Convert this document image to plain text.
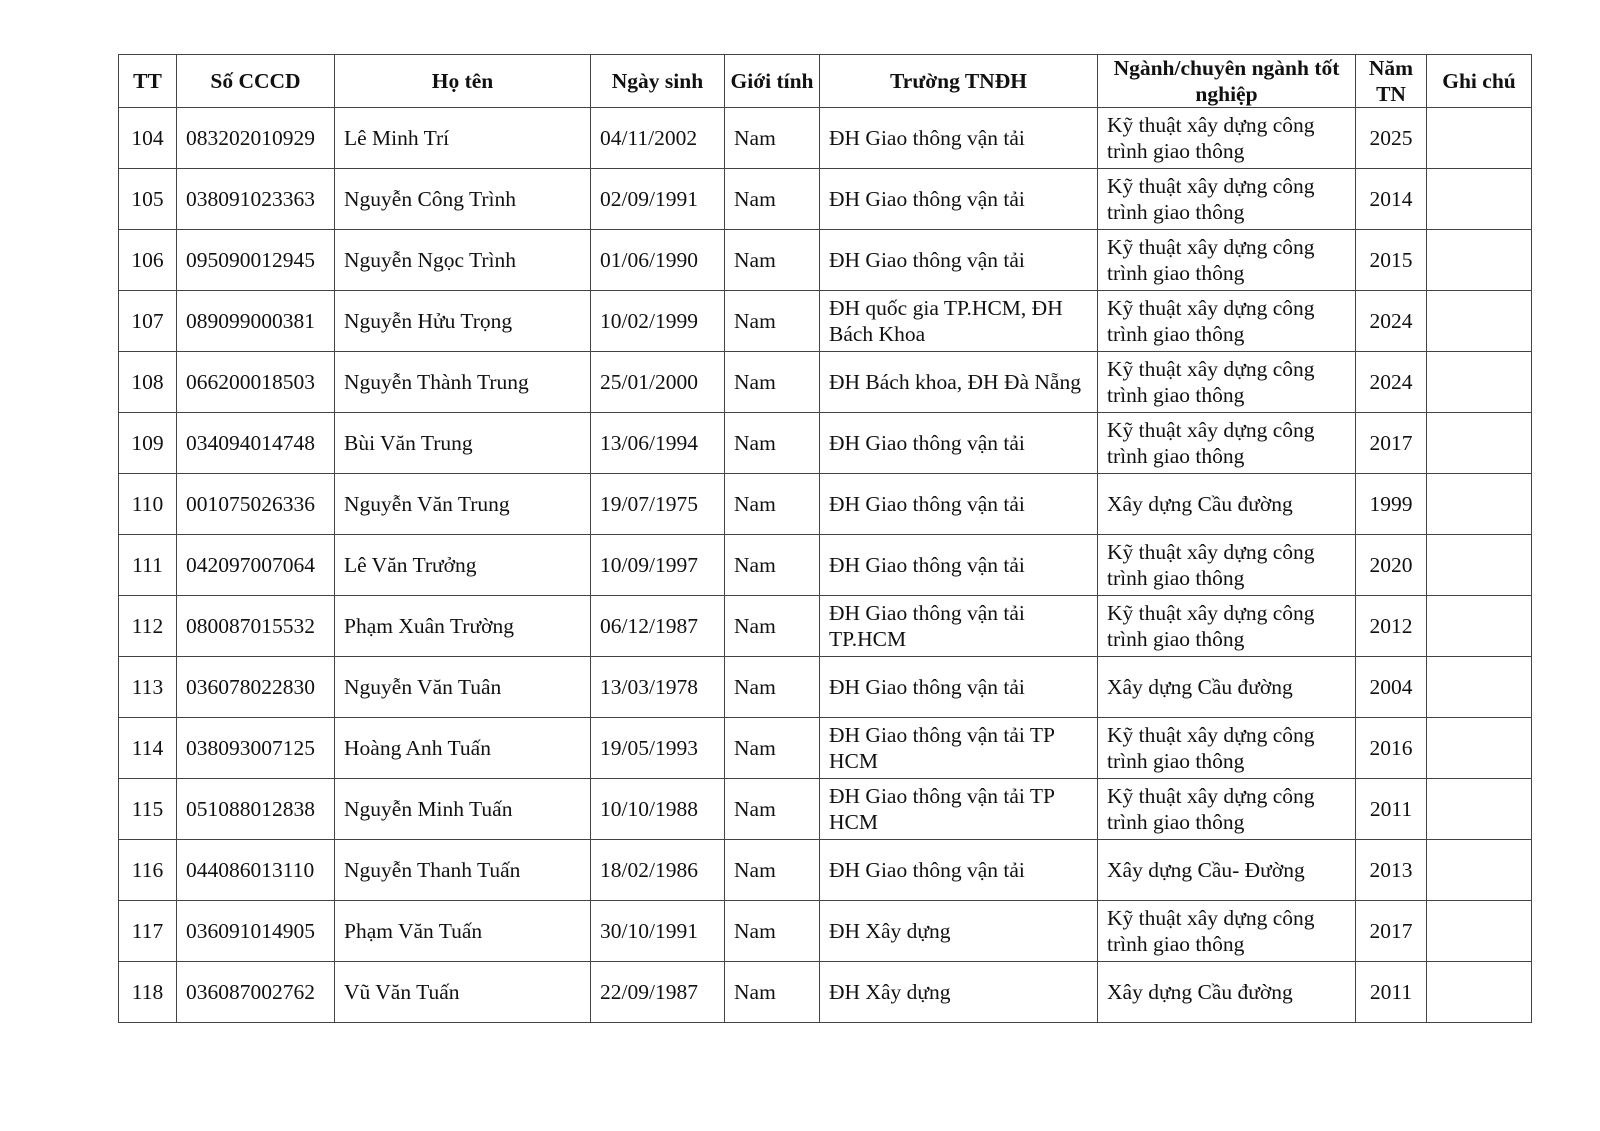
TT	Số CCCD	Họ tên	Ngày sinh	Giới tính	Trường TNĐH	Ngành/chuyên ngành tốt nghiệp	Năm TN	Ghi chú
104	083202010929	Lê Minh Trí	04/11/2002	Nam	ĐH Giao thông vận tải	Kỹ thuật xây dựng công trình giao thông	2025	
105	038091023363	Nguyễn Công Trình	02/09/1991	Nam	ĐH Giao thông vận tải	Kỹ thuật xây dựng công trình giao thông	2014	
106	095090012945	Nguyễn Ngọc Trình	01/06/1990	Nam	ĐH Giao thông vận tải	Kỹ thuật xây dựng công trình giao thông	2015	
107	089099000381	Nguyễn Hửu Trọng	10/02/1999	Nam	ĐH quốc gia TP.HCM, ĐH Bách Khoa	Kỹ thuật xây dựng công trình giao thông	2024	
108	066200018503	Nguyễn Thành Trung	25/01/2000	Nam	ĐH Bách khoa, ĐH Đà Nẵng	Kỹ thuật xây dựng công trình giao thông	2024	
109	034094014748	Bùi Văn Trung	13/06/1994	Nam	ĐH Giao thông vận tải	Kỹ thuật xây dựng công trình giao thông	2017	
110	001075026336	Nguyễn Văn Trung	19/07/1975	Nam	ĐH Giao thông vận tải	Xây dựng Cầu đường	1999	
111	042097007064	Lê Văn Trưởng	10/09/1997	Nam	ĐH Giao thông vận tải	Kỹ thuật xây dựng công trình giao thông	2020	
112	080087015532	Phạm Xuân Trường	06/12/1987	Nam	ĐH Giao thông vận tải TP.HCM	Kỹ thuật xây dựng công trình giao thông	2012	
113	036078022830	Nguyễn Văn Tuân	13/03/1978	Nam	ĐH Giao thông vận tải	Xây dựng Cầu đường	2004	
114	038093007125	Hoàng Anh Tuấn	19/05/1993	Nam	ĐH Giao thông vận tải TP HCM	Kỹ thuật xây dựng công trình giao thông	2016	
115	051088012838	Nguyễn Minh Tuấn	10/10/1988	Nam	ĐH Giao thông vận tải TP HCM	Kỹ thuật xây dựng công trình giao thông	2011	
116	044086013110	Nguyễn Thanh Tuấn	18/02/1986	Nam	ĐH Giao thông vận tải	Xây dựng Cầu- Đường	2013	
117	036091014905	Phạm Văn Tuấn	30/10/1991	Nam	ĐH Xây dựng	Kỹ thuật xây dựng công trình giao thông	2017	
118	036087002762	Vũ Văn Tuấn	22/09/1987	Nam	ĐH Xây dựng	Xây dựng Cầu đường	2011	
